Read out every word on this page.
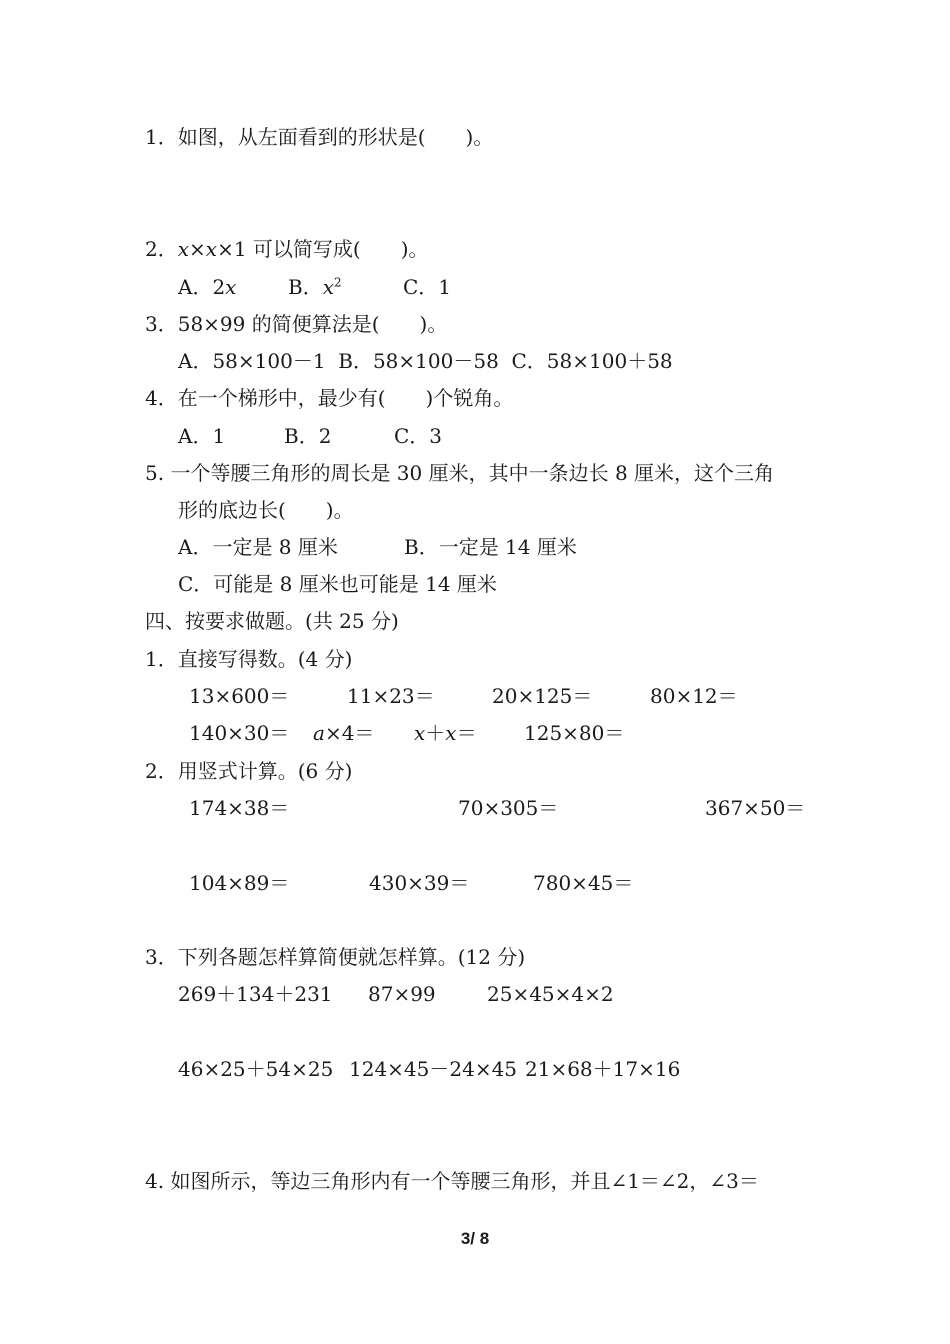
1．如图，从左面看到的形状是(　　)。
2．x×x×1 可以简写成(　　)。
A．2x	B．$x^2$	C．1
3．58×99 的简便算法是(　　)。
A．58×100－1  B．58×100－58  C．58×100＋58
4．在一个梯形中，最少有(　　)个锐角。
A．1	B．2	C．3
5. 一个等腰三角形的周长是 30 厘米，其中一条边长 8 厘米，这个三角
形的底边长(　　)。
A．一定是 8 厘米	B．一定是 14 厘米
C．可能是 8 厘米也可能是 14 厘米
四、按要求做题。(共 25 分)
1．直接写得数。(4 分)
13×600＝	11×23＝	20×125＝	80×12＝
140×30＝ a×4＝ x＋x＝ 125×80＝
2．用竖式计算。(6 分)
174×38＝	70×305＝	367×50＝
104×89＝	430×39＝	780×45＝
3．下列各题怎样算简便就怎样算。(12 分)
269＋134＋231 87×99	25×45×4×2
46×25＋54×25 124×45－24×45 21×68＋17×16
4. 如图所示，等边三角形内有一个等腰三角形，并且∠1＝∠2，∠3＝
3/ 8
